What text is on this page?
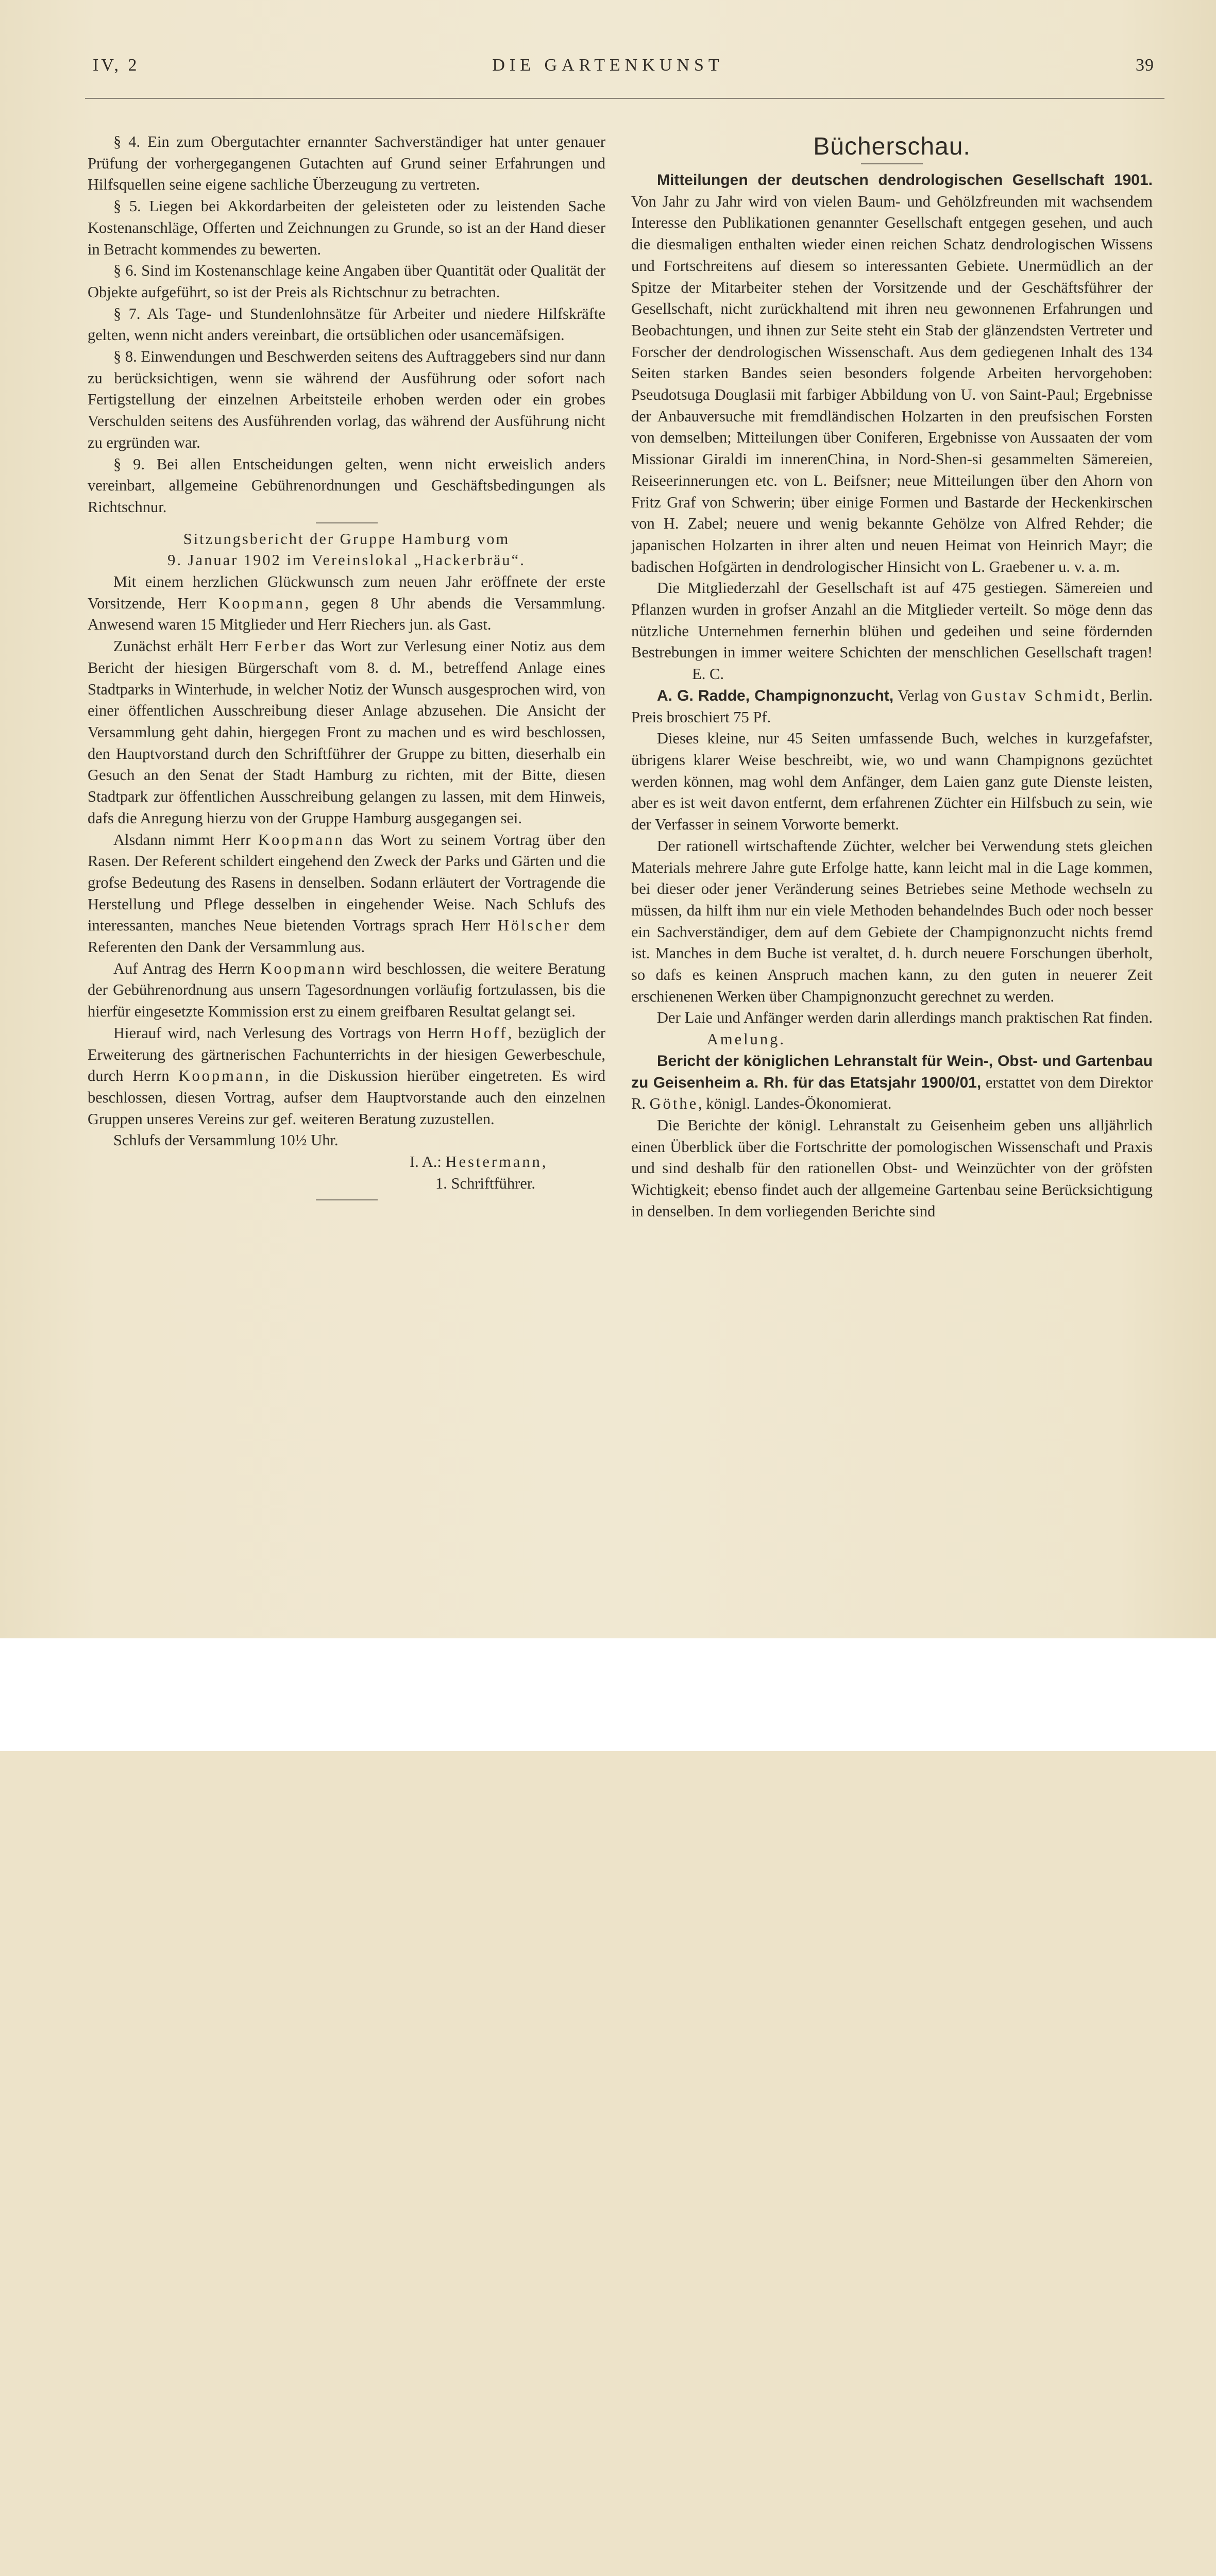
IV, 2	DIE GARTENKUNST	39

§ 4. Ein zum Obergutachter ernannter Sachverständiger hat unter genauer Prüfung der vorhergegangenen Gutachten auf Grund seiner Erfahrungen und Hilfsquellen seine eigene sachliche Überzeugung zu vertreten.

§ 5. Liegen bei Akkordarbeiten der geleisteten oder zu leistenden Sache Kostenanschläge, Offerten und Zeichnungen zu Grunde, so ist an der Hand dieser in Betracht kommendes zu bewerten.

§ 6. Sind im Kostenanschlage keine Angaben über Quantität oder Qualität der Objekte aufgeführt, so ist der Preis als Richtschnur zu betrachten.

§ 7. Als Tage- und Stundenlohnsätze für Arbeiter und niedere Hilfskräfte gelten, wenn nicht anders vereinbart, die ortsüblichen oder usancemäfsigen.

§ 8. Einwendungen und Beschwerden seitens des Auftraggebers sind nur dann zu berücksichtigen, wenn sie während der Ausführung oder sofort nach Fertigstellung der einzelnen Arbeitsteile erhoben werden oder ein grobes Verschulden seitens des Ausführenden vorlag, das während der Ausführung nicht zu ergründen war.

§ 9. Bei allen Entscheidungen gelten, wenn nicht erweislich anders vereinbart, allgemeine Gebührenordnungen und Geschäftsbedingungen als Richtschnur.

Sitzungsbericht der Gruppe Hamburg vom

9. Januar 1902 im Vereinslokal „Hackerbräu“.

Mit einem herzlichen Glückwunsch zum neuen Jahr eröffnete der erste Vorsitzende, Herr Koopmann, gegen 8 Uhr abends die Versammlung. Anwesend waren 15 Mitglieder und Herr Riechers jun. als Gast.

Zunächst erhält Herr Ferber das Wort zur Verlesung einer Notiz aus dem Bericht der hiesigen Bürgerschaft vom 8. d. M., betreffend Anlage eines Stadtparks in Winterhude, in welcher Notiz der Wunsch ausgesprochen wird, von einer öffentlichen Ausschreibung dieser Anlage abzusehen. Die Ansicht der Versammlung geht dahin, hiergegen Front zu machen und es wird beschlossen, den Hauptvorstand durch den Schriftführer der Gruppe zu bitten, dieserhalb ein Gesuch an den Senat der Stadt Hamburg zu richten, mit der Bitte, diesen Stadtpark zur öffentlichen Ausschreibung gelangen zu lassen, mit dem Hinweis, dafs die Anregung hierzu von der Gruppe Hamburg ausgegangen sei.

Alsdann nimmt Herr Koopmann das Wort zu seinem Vortrag über den Rasen. Der Referent schildert eingehend den Zweck der Parks und Gärten und die grofse Bedeutung des Rasens in denselben. Sodann erläutert der Vortragende die Herstellung und Pflege desselben in eingehender Weise. Nach Schlufs des interessanten, manches Neue bietenden Vortrags sprach Herr Hölscher dem Referenten den Dank der Versammlung aus.

Auf Antrag des Herrn Koopmann wird beschlossen, die weitere Beratung der Gebührenordnung aus unsern Tagesordnungen vorläufig fortzulassen, bis die hierfür eingesetzte Kommission erst zu einem greifbaren Resultat gelangt sei.

Hierauf wird, nach Verlesung des Vortrags von Herrn Hoff, bezüglich der Erweiterung des gärtnerischen Fachunterrichts in der hiesigen Gewerbeschule, durch Herrn Koopmann, in die Diskussion hierüber eingetreten. Es wird beschlossen, diesen Vortrag, aufser dem Hauptvorstande auch den einzelnen Gruppen unseres Vereins zur gef. weiteren Beratung zuzustellen.

Schlufs der Versammlung 10½ Uhr.

I. A.: Hestermann,

1. Schriftführer.

Bücherschau.

Mitteilungen der deutschen dendrologischen Gesellschaft 1901. Von Jahr zu Jahr wird von vielen Baum- und Gehölzfreunden mit wachsendem Interesse den Publikationen genannter Gesellschaft entgegen gesehen, und auch die diesmaligen enthalten wieder einen reichen Schatz dendrologischen Wissens und Fortschreitens auf diesem so interessanten Gebiete. Unermüdlich an der Spitze der Mitarbeiter stehen der Vorsitzende und der Geschäftsführer der Gesellschaft, nicht zurückhaltend mit ihren neu gewonnenen Erfahrungen und Beobachtungen, und ihnen zur Seite steht ein Stab der glänzendsten Vertreter und Forscher der dendrologischen Wissenschaft. Aus dem gediegenen Inhalt des 134 Seiten starken Bandes seien besonders folgende Arbeiten hervorgehoben: Pseudotsuga Douglasii mit farbiger Abbildung von U. von Saint-Paul; Ergebnisse der Anbauversuche mit fremdländischen Holzarten in den preufsischen Forsten von demselben; Mitteilungen über Coniferen, Ergebnisse von Aussaaten der vom Missionar Giraldi im innerenChina, in Nord-Shen-si gesammelten Sämereien, Reiseerinnerungen etc. von L. Beifsner; neue Mitteilungen über den Ahorn von Fritz Graf von Schwerin; über einige Formen und Bastarde der Heckenkirschen von H. Zabel; neuere und wenig bekannte Gehölze von Alfred Rehder; die japanischen Holzarten in ihrer alten und neuen Heimat von Heinrich Mayr; die badischen Hofgärten in dendrologischer Hinsicht von L. Graebener u. v. a. m.

Die Mitgliederzahl der Gesellschaft ist auf 475 gestiegen. Sämereien und Pflanzen wurden in grofser Anzahl an die Mitglieder verteilt. So möge denn das nützliche Unternehmen fernerhin blühen und gedeihen und seine fördernden Bestrebungen in immer weitere Schichten der menschlichen Gesellschaft tragen!E. C.

A. G. Radde, Champignonzucht, Verlag von Gustav Schmidt, Berlin. Preis broschiert 75 Pf.

Dieses kleine, nur 45 Seiten umfassende Buch, welches in kurzgefafster, übrigens klarer Weise beschreibt, wie, wo und wann Champignons gezüchtet werden können, mag wohl dem Anfänger, dem Laien ganz gute Dienste leisten, aber es ist weit davon entfernt, dem erfahrenen Züchter ein Hilfsbuch zu sein, wie der Verfasser in seinem Vorworte bemerkt.

Der rationell wirtschaftende Züchter, welcher bei Verwendung stets gleichen Materials mehrere Jahre gute Erfolge hatte, kann leicht mal in die Lage kommen, bei dieser oder jener Veränderung seines Betriebes seine Methode wechseln zu müssen, da hilft ihm nur ein viele Methoden behandelndes Buch oder noch besser ein Sachverständiger, dem auf dem Gebiete der Champignonzucht nichts fremd ist. Manches in dem Buche ist veraltet, d. h. durch neuere Forschungen überholt, so dafs es keinen Anspruch machen kann, zu den guten in neuerer Zeit erschienenen Werken über Champignonzucht gerechnet zu werden.

Der Laie und Anfänger werden darin allerdings manch praktischen Rat finden.Amelung.

Bericht der königlichen Lehranstalt für Wein-, Obst- und Gartenbau zu Geisenheim a. Rh. für das Etatsjahr 1900/01, erstattet von dem Direktor R. Göthe, königl. Landes-Ökonomierat.

Die Berichte der königl. Lehranstalt zu Geisenheim geben uns alljährlich einen Überblick über die Fortschritte der pomologischen Wissenschaft und Praxis und sind deshalb für den rationellen Obst- und Weinzüchter von der gröfsten Wichtigkeit; ebenso findet auch der allgemeine Gartenbau seine Berücksichtigung in denselben. In dem vorliegenden Berichte sind
